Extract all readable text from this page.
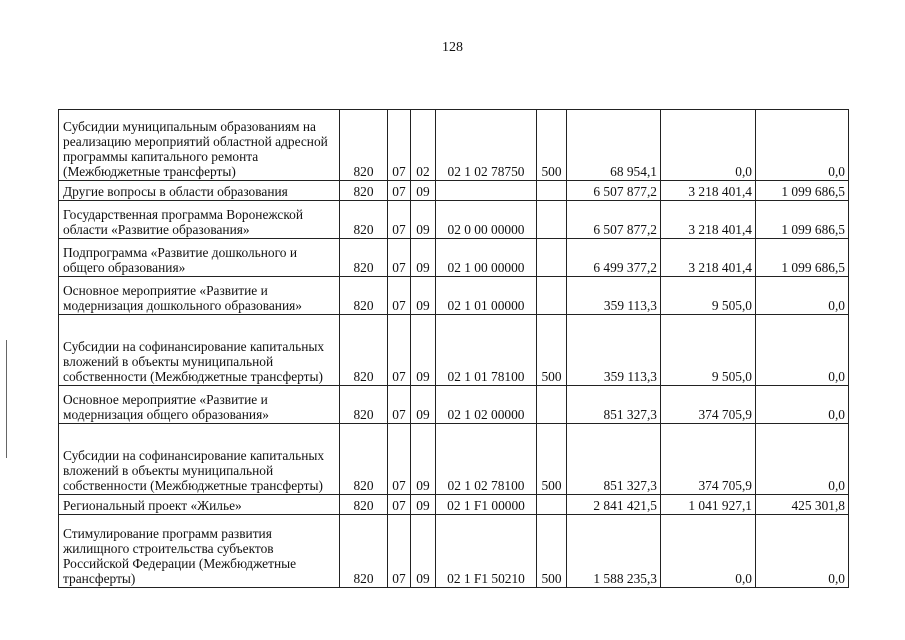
128
Субсидии муниципальным образованиям на реализацию мероприятий областной адресной программы капитального ремонта (Межбюджетные трансферты)	820	07	02	02 1 02 78750	500	68 954,1	0,0	0,0
Другие вопросы в области образования	820	07	09			6 507 877,2	3 218 401,4	1 099 686,5
Государственная программа Воронежской области «Развитие образования»	820	07	09	02 0 00 00000		6 507 877,2	3 218 401,4	1 099 686,5
Подпрограмма «Развитие дошкольного и общего образования»	820	07	09	02 1 00 00000		6 499 377,2	3 218 401,4	1 099 686,5
Основное мероприятие «Развитие и модернизация дошкольного образования»	820	07	09	02 1 01 00000		359 113,3	9 505,0	0,0
Субсидии на софинансирование капитальных вложений в объекты муниципальной собственности (Межбюджетные трансферты)	820	07	09	02 1 01 78100	500	359 113,3	9 505,0	0,0
Основное мероприятие «Развитие и модернизация общего образования»	820	07	09	02 1 02 00000		851 327,3	374 705,9	0,0
Субсидии на софинансирование капитальных вложений в объекты муниципальной собственности (Межбюджетные трансферты)	820	07	09	02 1 02 78100	500	851 327,3	374 705,9	0,0
Региональный проект «Жилье»	820	07	09	02 1 F1 00000		2 841 421,5	1 041 927,1	425 301,8
Стимулирование программ развития жилищного строительства субъектов Российской Федерации (Межбюджетные трансферты)	820	07	09	02 1 F1 50210	500	1 588 235,3	0,0	0,0
